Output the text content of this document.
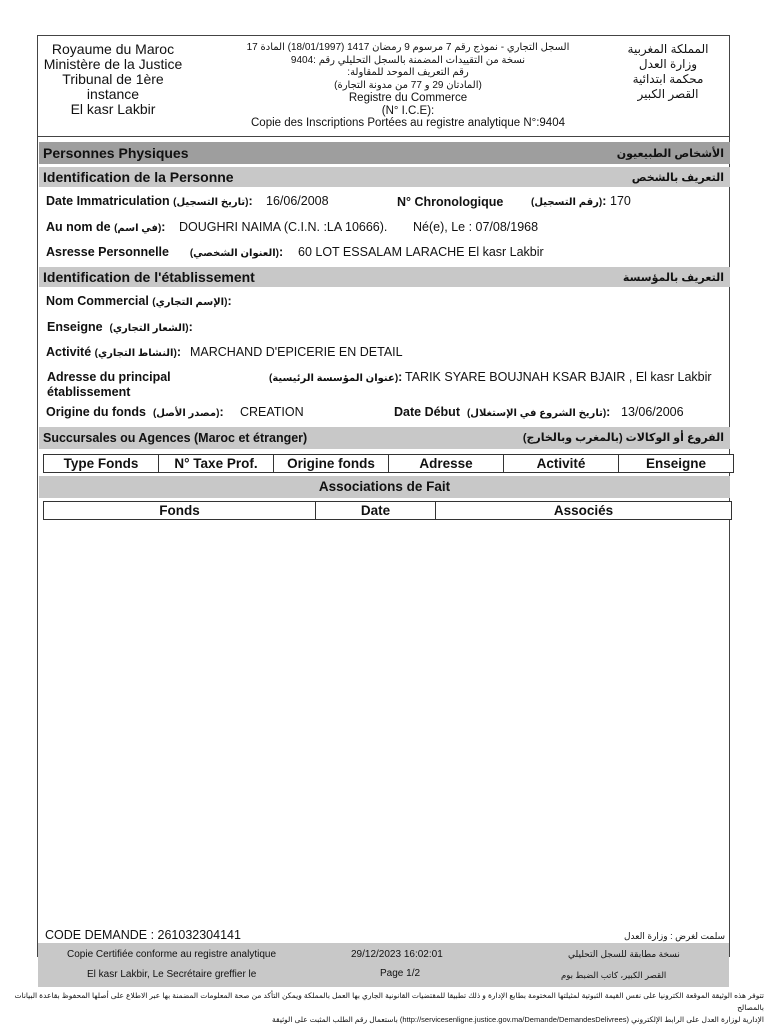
Royaume du Maroc
Ministère de la Justice
Tribunal de 1ère instance
El kasr Lakbir
السجل التجاري - نموذج رقم 7 مرسوم 9 رمضان 1417 (18/01/1997) المادة 17
نسخة من التقييدات المضمنة بالسجل التحليلي رقم :9404
رقم التعريف الموحد للمقاولة:
(المادتان 29 و 77 من مدونة التجارة)
Registre du Commerce
(N° I.C.E):
Copie des Inscriptions Portées au registre analytique N°:9404
المملكة المغربية
وزارة العدل
محكمة ابتدائية
القصر الكبير
Personnes Physiques	الأشخاص الطبيعيون
Identification de la Personne	التعريف بالشخص
Date Immatriculation (تاريخ التسجيل): 16/06/2008	N° Chronologique	(رقم التسجيل): 170
Au nom de (في اسم): DOUGHRI NAIMA (C.I.N. :LA 10666). Né(e), Le : 07/08/1968
Asresse Personnelle (العنوان الشخصي): 60 LOT ESSALAM LARACHE El kasr Lakbir
Identification de l'établissement	التعريف بالمؤسسة
Nom Commercial (الإسم التجاري):
Enseigne (الشعار التجاري):
Activité (النشاط التجاري): MARCHAND D'EPICERIE EN DETAIL
Adresse du principal
établissement
(عنوان المؤسسة الرئيسية): TARIK SYARE BOUJNAH KSAR BJAIR , El kasr Lakbir
Origine du fonds (مصدر الأصل): CREATION	Date Début (تاريخ الشروع في الإستغلال): 13/06/2006
Succursales ou Agences (Maroc et étranger)	الفروع أو الوكالات (بالمغرب وبالخارج)
Type Fonds	N° Taxe Prof.	Origine fonds	Adresse	Activité	Enseigne
Associations de Fait
Fonds	Date	Associés
CODE DEMANDE : 261032304141	سلمت لغرض : وزارة العدل
Copie Certifiée conforme au registre analytique	29/12/2023 16:02:01	نسخة مطابقة للسجل التحليلي
El kasr Lakbir, Le Secrétaire greffier le	Page 1/2	القصر الكبير، كاتب الضبط بوم
تتوفر هذه الوثيقة الموقعة الكترونيا على نفس القيمة الثبوتية لمثيلتها المختومة بطابع الإدارة و ذلك تطبيقا للمقتضيات القانونية الجاري بها العمل بالمملكة ويمكن التأكد من صحة المعلومات المضمنة بها عبر الاطلاع على أصلها المحفوظ بقاعدة البيانات بالمصالح
الإدارية لوزارة العدل على الرابط الإلكتروني (http://servicesenligne.justice.gov.ma/Demande/DemandesDelivrees) باستعمال رقم الطلب المثبت على الوثيقة
